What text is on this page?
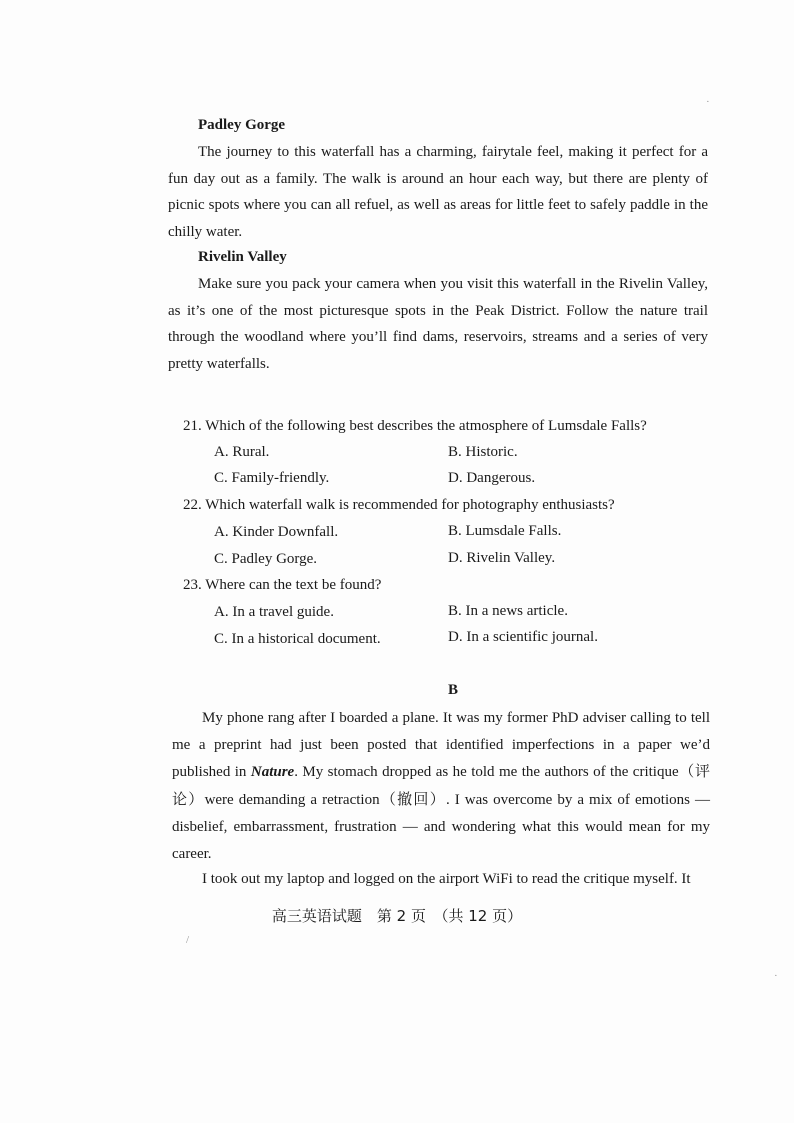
Padley Gorge
The journey to this waterfall has a charming, fairytale feel, making it perfect for a fun day out as a family. The walk is around an hour each way, but there are plenty of picnic spots where you can all refuel, as well as areas for little feet to safely paddle in the chilly water.
Rivelin Valley
Make sure you pack your camera when you visit this waterfall in the Rivelin Valley, as it’s one of the most picturesque spots in the Peak District. Follow the nature trail through the woodland where you’ll find dams, reservoirs, streams and a series of very pretty waterfalls.
21. Which of the following best describes the atmosphere of Lumsdale Falls?
A. Rural.	B. Historic.
C. Family-friendly.	D. Dangerous.
22. Which waterfall walk is recommended for photography enthusiasts?
A. Kinder Downfall.	B. Lumsdale Falls.
C. Padley Gorge.	D. Rivelin Valley.
23. Where can the text be found?
A. In a travel guide.	B. In a news article.
C. In a historical document.	D. In a scientific journal.
B
My phone rang after I boarded a plane. It was my former PhD adviser calling to tell me a preprint had just been posted that identified imperfections in a paper we’d published in Nature. My stomach dropped as he told me the authors of the critique（评论）were demanding a retraction（撤回）. I was overcome by a mix of emotions — disbelief, embarrassment, frustration — and wondering what this would mean for my career.
I took out my laptop and logged on the airport WiFi to read the critique myself. It
高三英语试题　第 2 页　（共 12 页）
·
/
·
